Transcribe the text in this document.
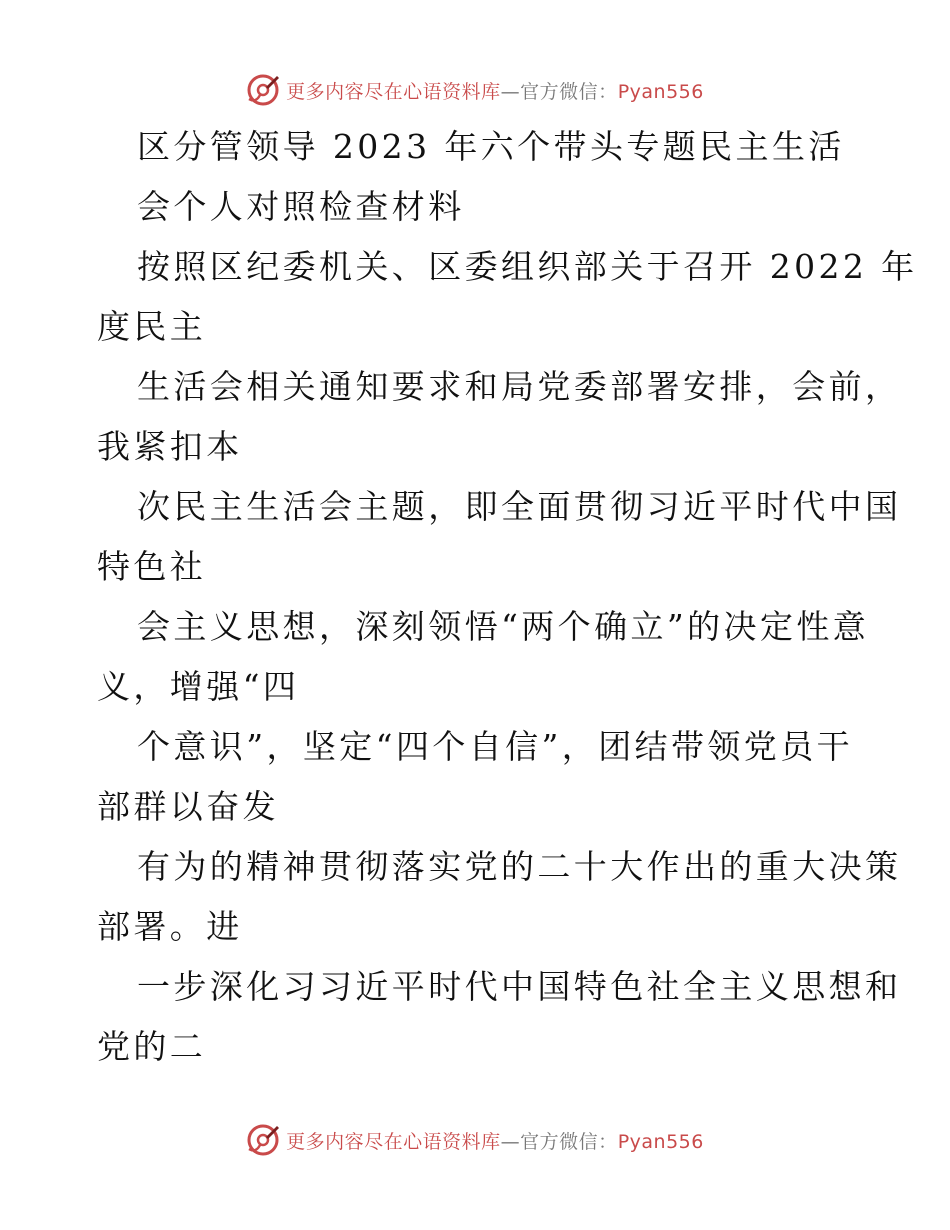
更多内容尽在心语资料库—官方微信：Pyan556
区分管领导 2023 年六个带头专题民主生活
会个人对照检查材料
按照区纪委机关、区委组织部关于召开 2022 年
度民主
生活会相关通知要求和局党委部署安排，会前，
我紧扣本
次民主生活会主题，即全面贯彻习近平时代中国
特色社
会主义思想，深刻领悟“两个确立”的决定性意
义，增强“四
个意识”，坚定“四个自信”，团结带领党员干
部群以奋发
有为的精神贯彻落实党的二十大作出的重大决策
部署。进
一步深化习习近平时代中国特色社全主义思想和
党的二
更多内容尽在心语资料库—官方微信：Pyan556
